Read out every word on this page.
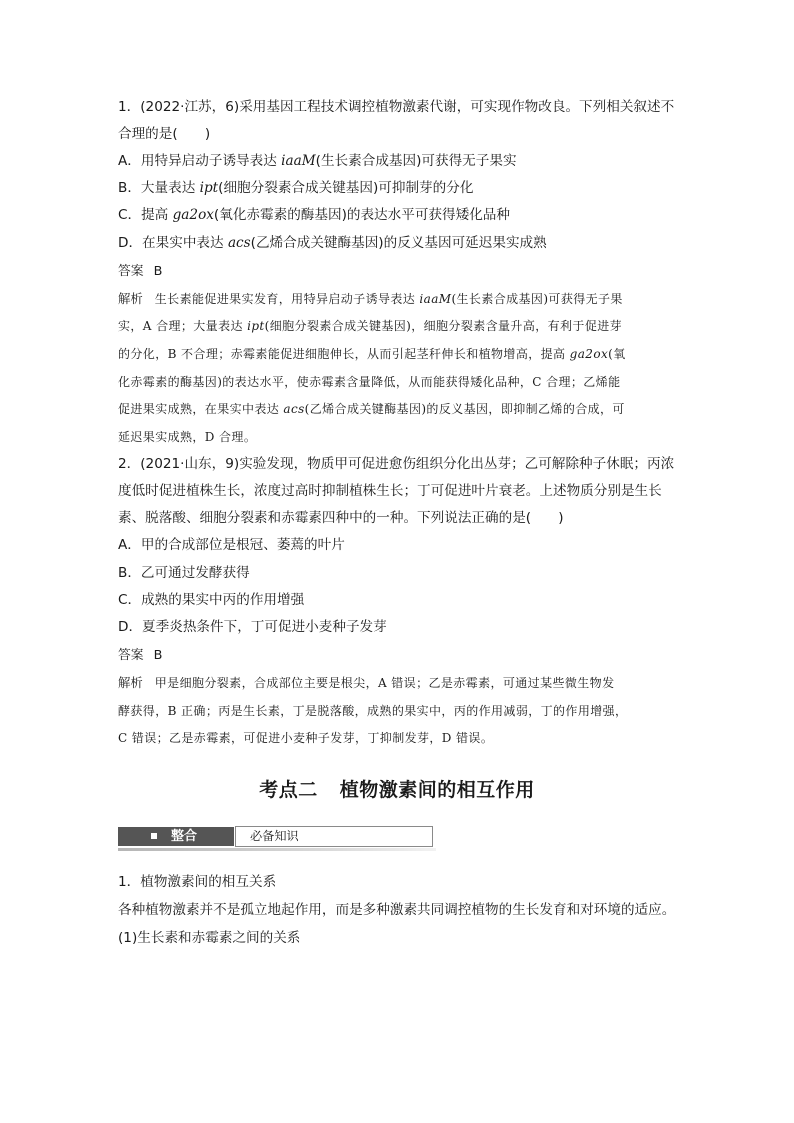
1．(2022·江苏，6)采用基因工程技术调控植物激素代谢，可实现作物改良。下列相关叙述不

合理的是(　　)

A．用特异启动子诱导表达 iaaM(生长素合成基因)可获得无子果实

B．大量表达 ipt(细胞分裂素合成关键基因)可抑制芽的分化

C．提高 ga2ox(氧化赤霉素的酶基因)的表达水平可获得矮化品种

D．在果实中表达 acs(乙烯合成关键酶基因)的反义基因可延迟果实成熟

答案 B

解析 生长素能促进果实发育，用特异启动子诱导表达 iaaM(生长素合成基因)可获得无子果

实，A 合理；大量表达 ipt(细胞分裂素合成关键基因)，细胞分裂素含量升高，有利于促进芽

的分化，B 不合理；赤霉素能促进细胞伸长，从而引起茎秆伸长和植物增高，提高 ga2ox(氧

化赤霉素的酶基因)的表达水平，使赤霉素含量降低，从而能获得矮化品种，C 合理；乙烯能

促进果实成熟，在果实中表达 acs(乙烯合成关键酶基因)的反义基因，即抑制乙烯的合成，可

延迟果实成熟，D 合理。

2．(2021·山东，9)实验发现，物质甲可促进愈伤组织分化出丛芽；乙可解除种子休眠；丙浓

度低时促进植株生长，浓度过高时抑制植株生长；丁可促进叶片衰老。上述物质分别是生长

素、脱落酸、细胞分裂素和赤霉素四种中的一种。下列说法正确的是(　　)

A．甲的合成部位是根冠、萎蔫的叶片

B．乙可通过发酵获得

C．成熟的果实中丙的作用增强

D．夏季炎热条件下，丁可促进小麦种子发芽

答案 B

解析 甲是细胞分裂素，合成部位主要是根尖，A 错误；乙是赤霉素，可通过某些微生物发

酵获得，B 正确；丙是生长素，丁是脱落酸，成熟的果实中，丙的作用减弱，丁的作用增强，

C 错误；乙是赤霉素，可促进小麦种子发芽，丁抑制发芽，D 错误。

考点二 植物激素间的相互作用
整合	必备知识

1．植物激素间的相互关系

各种植物激素并不是孤立地起作用，而是多种激素共同调控植物的生长发育和对环境的适应。

(1)生长素和赤霉素之间的关系
